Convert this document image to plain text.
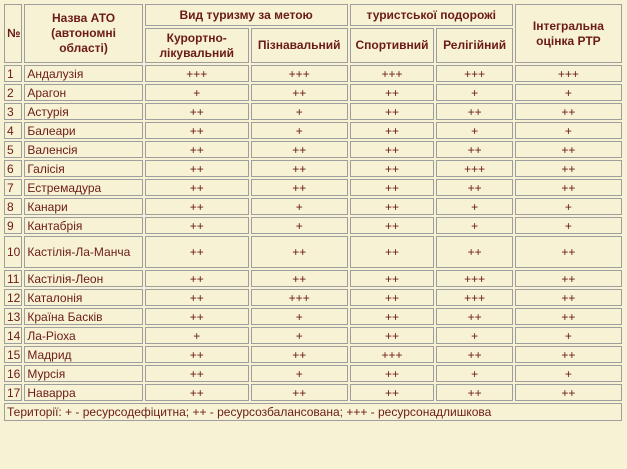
№	Назва АТО (автономні області)	Вид туризму за метою		туристської подорожі		Інтегральна оцінка РТР
		Курортно-лікувальний	Пізнавальний	Спортивний	Релігійний	
1	Андалузія	+++	+++	+++	+++	+++
2	Арагон	+	++	++	+	+
3	Астурія	++	+	++	++	++
4	Балеари	++	+	++	+	+
5	Валенсія	++	++	++	++	++
6	Галісія	++	++	++	+++	++
7	Естремадура	++	++	++	++	++
8	Канари	++	+	++	+	+
9	Кантабрія	++	+	++	+	+
10	Кастілія-Ла-Манча	++	++	++	++	++
11	Кастілія-Леон	++	++	++	+++	++
12	Каталонія	++	+++	++	+++	++
13	Країна Басків	++	+	++	++	++
14	Ла-Ріоха	+	+	++	+	+
15	Мадрид	++	++	+++	++	++
16	Мурсія	++	+	++	+	+
17	Наварра	++	++	++	++	++
Території: + - ресурсодефіцитна; ++ - ресурсозбалансована; +++ - ресурсонадлишкова						
